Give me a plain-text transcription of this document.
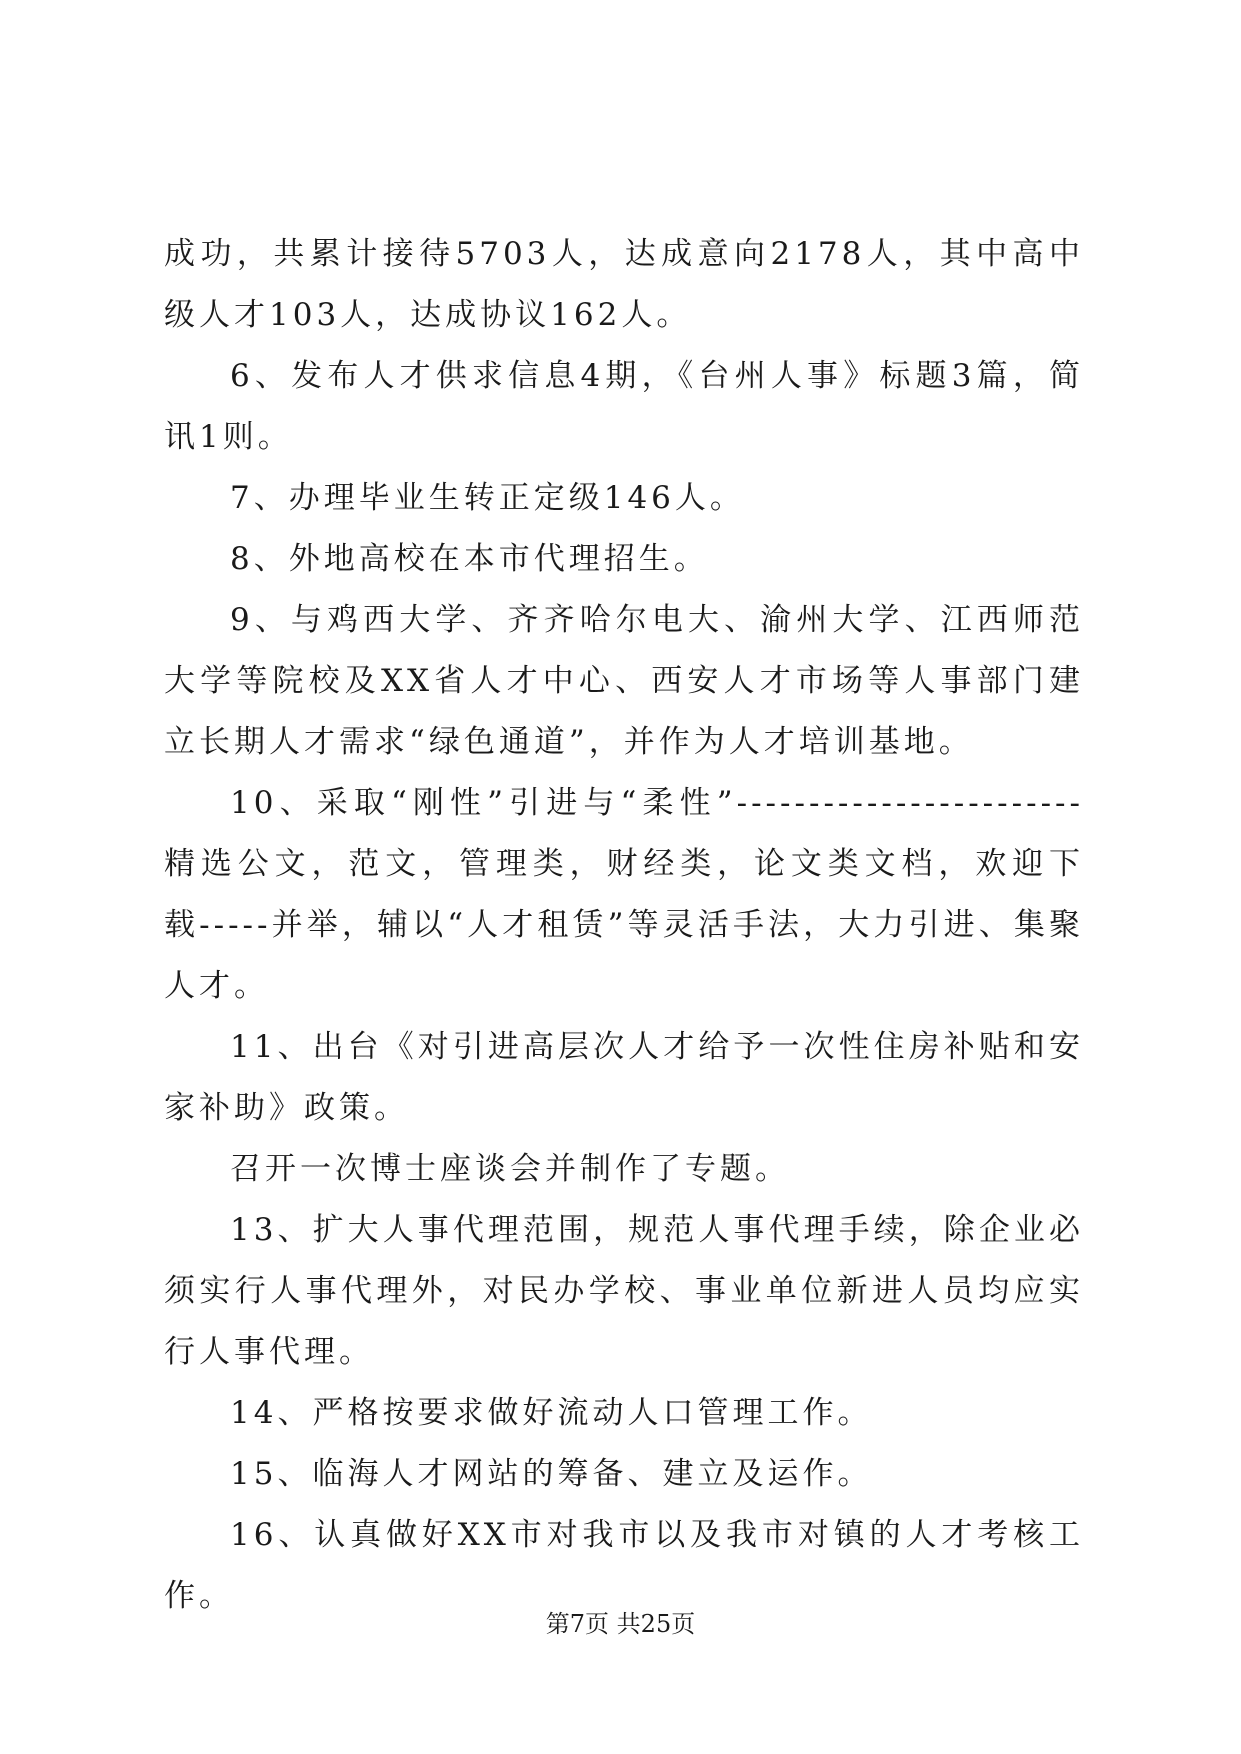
成功，共累计接待5703人，达成意向2178人，其中高中级人才103人，达成协议162人。

6、发布人才供求信息4期，《台州人事》标题3篇，简讯1则。

7、办理毕业生转正定级146人。

8、外地高校在本市代理招生。

9、与鸡西大学、齐齐哈尔电大、渝州大学、江西师范大学等院校及XX省人才中心、西安人才市场等人事部门建立长期人才需求“绿色通道”，并作为人才培训基地。

10、采取“刚性”引进与“柔性”------------------------精选公文，范文，管理类，财经类，论文类文档，欢迎下载-----并举，辅以“人才租赁”等灵活手法，大力引进、集聚人才。

11、出台《对引进高层次人才给予一次性住房补贴和安家补助》政策。

召开一次博士座谈会并制作了专题。

13、扩大人事代理范围，规范人事代理手续，除企业必须实行人事代理外，对民办学校、事业单位新进人员均应实行人事代理。

14、严格按要求做好流动人口管理工作。

15、临海人才网站的筹备、建立及运作。

16、认真做好XX市对我市以及我市对镇的人才考核工作。

第7页 共25页
